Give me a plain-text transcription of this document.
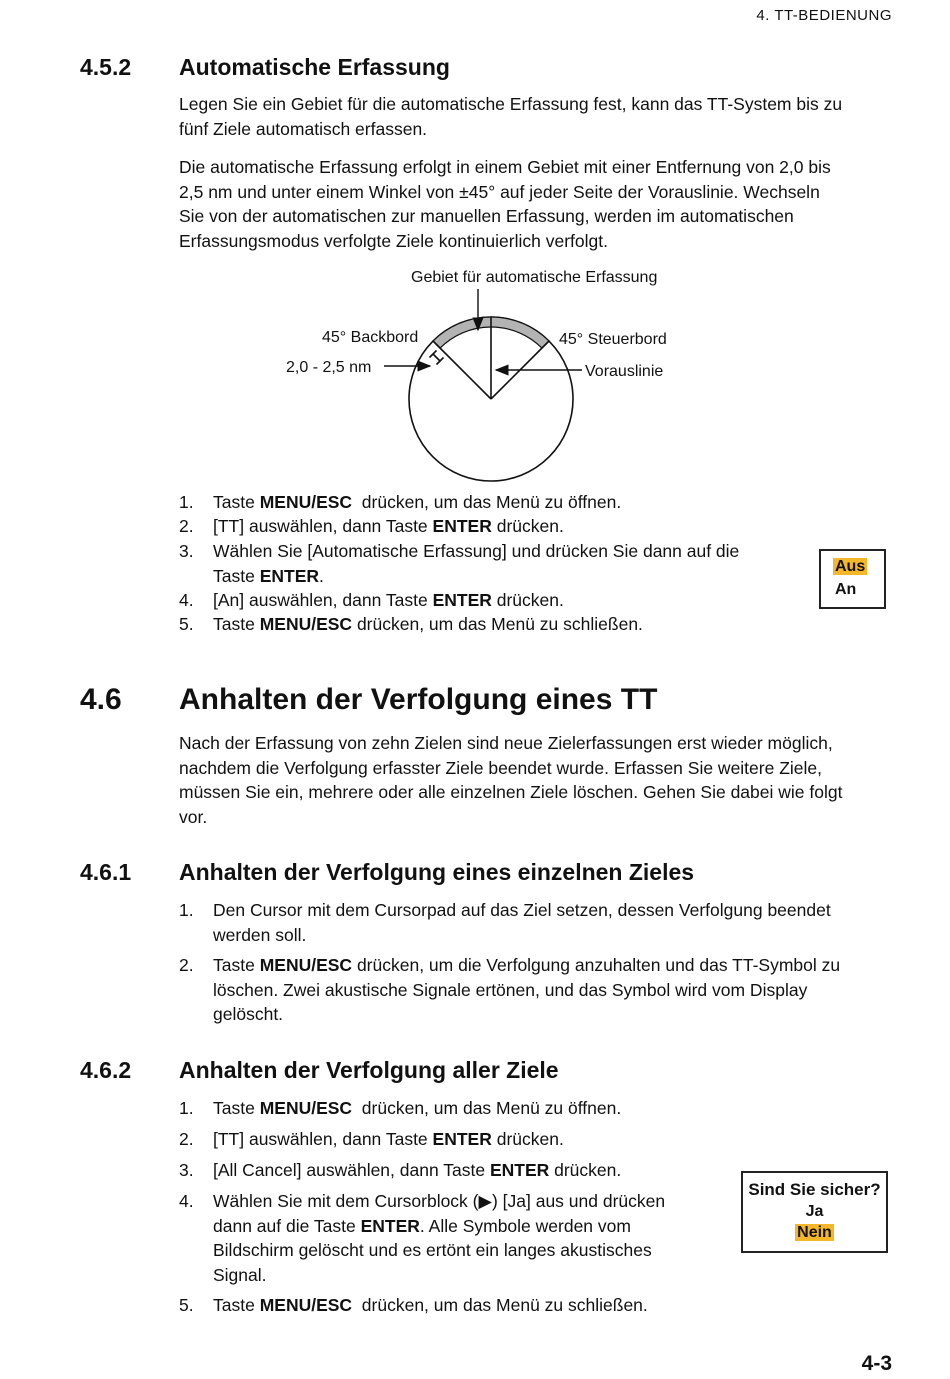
4. TT-BEDIENUNG
4.5.2 Automatische Erfassung
Legen Sie ein Gebiet für die automatische Erfassung fest, kann das TT-System bis zu
fünf Ziele automatisch erfassen.
Die automatische Erfassung erfolgt in einem Gebiet mit einer Entfernung von 2,0 bis
2,5 nm und unter einem Winkel von ±45° auf jeder Seite der Vorauslinie. Wechseln
Sie von der automatischen zur manuellen Erfassung, werden im automatischen
Erfassungsmodus verfolgte Ziele kontinuierlich verfolgt.
Gebiet für automatische Erfassung
45° Backbord	45° Steuerbord
2,0 - 2,5 nm	Vorauslinie
1. Taste MENU/ESC  drücken, um das Menü zu öffnen.
2. [TT] auswählen, dann Taste ENTER drücken.
3. Wählen Sie [Automatische Erfassung] und drücken Sie dann auf die
Taste ENTER.
4. [An] auswählen, dann Taste ENTER drücken.
5. Taste MENU/ESC drücken, um das Menü zu schließen.
Aus
An
4.6 Anhalten der Verfolgung eines TT
Nach der Erfassung von zehn Zielen sind neue Zielerfassungen erst wieder möglich,
nachdem die Verfolgung erfasster Ziele beendet wurde. Erfassen Sie weitere Ziele,
müssen Sie ein, mehrere oder alle einzelnen Ziele löschen. Gehen Sie dabei wie folgt
vor.
4.6.1 Anhalten der Verfolgung eines einzelnen Zieles
1. Den Cursor mit dem Cursorpad auf das Ziel setzen, dessen Verfolgung beendet
werden soll.
2. Taste MENU/ESC drücken, um die Verfolgung anzuhalten und das TT-Symbol zu
löschen. Zwei akustische Signale ertönen, und das Symbol wird vom Display
gelöscht.
4.6.2 Anhalten der Verfolgung aller Ziele
1. Taste MENU/ESC  drücken, um das Menü zu öffnen.
2. [TT] auswählen, dann Taste ENTER drücken.
3. [All Cancel] auswählen, dann Taste ENTER drücken.
4. Wählen Sie mit dem Cursorblock (▶) [Ja] aus und drücken
dann auf die Taste ENTER. Alle Symbole werden vom
Bildschirm gelöscht und es ertönt ein langes akustisches
Signal.
5. Taste MENU/ESC  drücken, um das Menü zu schließen.
Sind Sie sicher?
Ja
Nein
4-3
